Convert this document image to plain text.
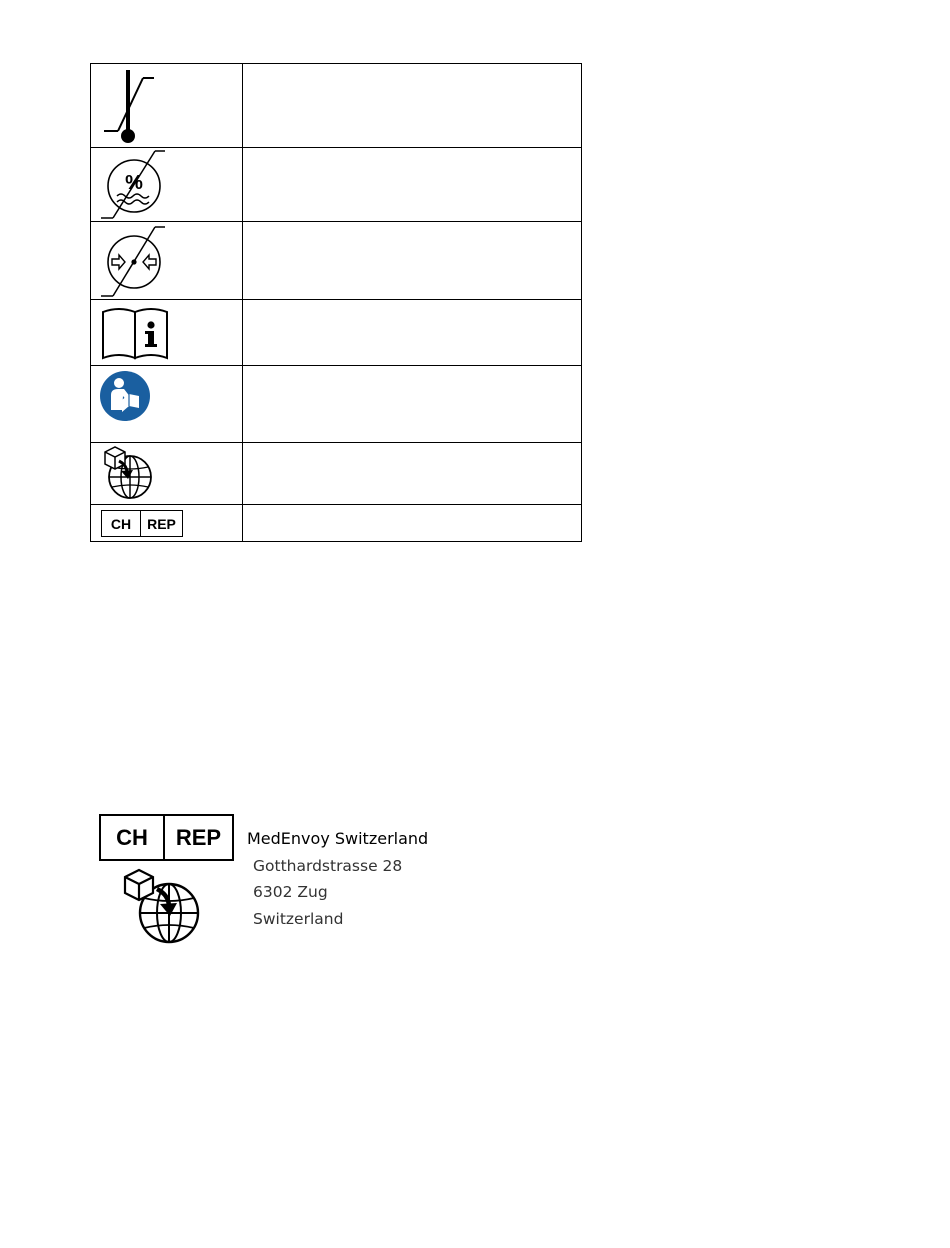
%	

CH REP	

CH	REP	MedEnvoy Switzerland
Gotthardstrasse 28
6302 Zug
Switzerland
